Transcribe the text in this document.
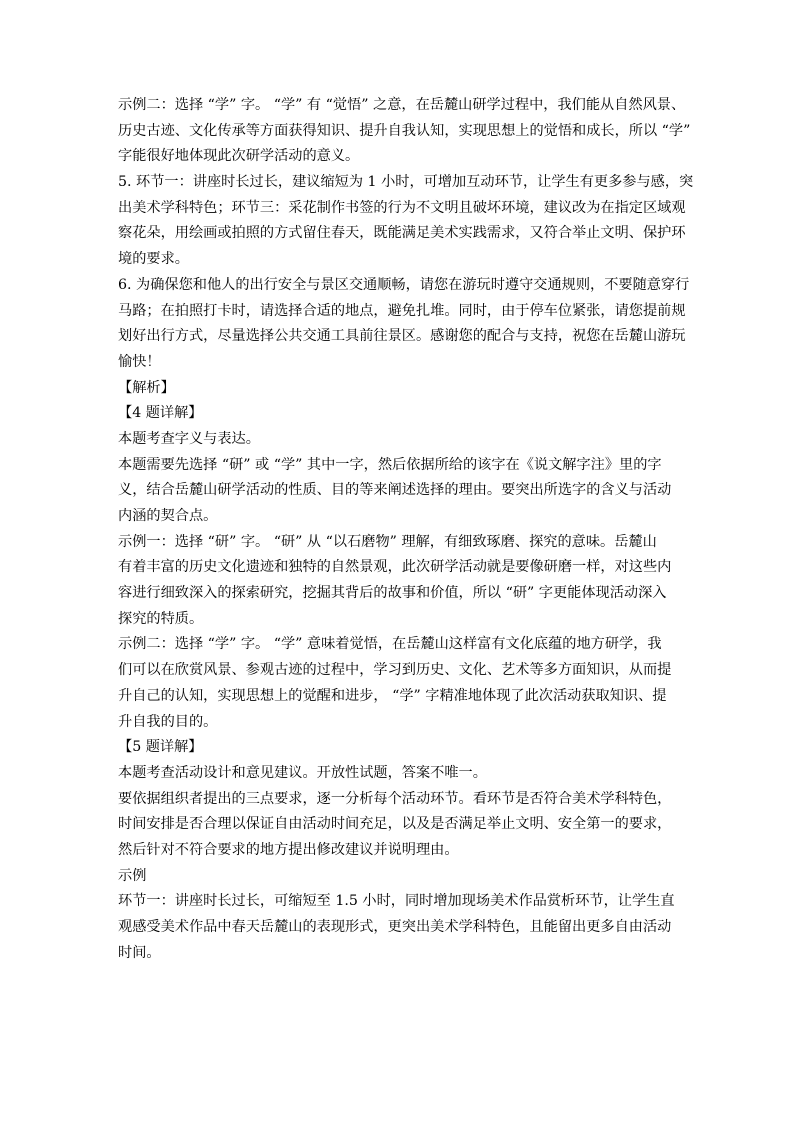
示例二：选择 “学” 字。 “学” 有 “觉悟” 之意，在岳麓山研学过程中，我们能从自然风景、
历史古迹、文化传承等方面获得知识、提升自我认知，实现思想上的觉悟和成长，所以 “学”
字能很好地体现此次研学活动的意义。
5. 环节一：讲座时长过长，建议缩短为 1 小时，可增加互动环节，让学生有更多参与感，突
出美术学科特色；环节三：采花制作书签的行为不文明且破坏环境，建议改为在指定区域观
察花朵，用绘画或拍照的方式留住春天，既能满足美术实践需求，又符合举止文明、保护环
境的要求。
6. 为确保您和他人的出行安全与景区交通顺畅，请您在游玩时遵守交通规则，不要随意穿行
马路；在拍照打卡时，请选择合适的地点，避免扎堆。同时，由于停车位紧张，请您提前规
划好出行方式，尽量选择公共交通工具前往景区。感谢您的配合与支持，祝您在岳麓山游玩
愉快！
【解析】
【4 题详解】
本题考查字义与表达。
本题需要先选择 “研” 或 “学” 其中一字，然后依据所给的该字在《说文解字注》里的字
义，结合岳麓山研学活动的性质、目的等来阐述选择的理由。要突出所选字的含义与活动
内涵的契合点。
示例一：选择 “研” 字。 “研” 从 “以石磨物” 理解，有细致琢磨、探究的意味。岳麓山
有着丰富的历史文化遗迹和独特的自然景观，此次研学活动就是要像研磨一样，对这些内
容进行细致深入的探索研究，挖掘其背后的故事和价值，所以 “研” 字更能体现活动深入
探究的特质。
示例二：选择 “学” 字。 “学” 意味着觉悟，在岳麓山这样富有文化底蕴的地方研学，我
们可以在欣赏风景、参观古迹的过程中，学习到历史、文化、艺术等多方面知识，从而提
升自己的认知，实现思想上的觉醒和进步， “学” 字精准地体现了此次活动获取知识、提
升自我的目的。
【5 题详解】
本题考查活动设计和意见建议。开放性试题，答案不唯一。
要依据组织者提出的三点要求，逐一分析每个活动环节。看环节是否符合美术学科特色，
时间安排是否合理以保证自由活动时间充足，以及是否满足举止文明、安全第一的要求，
然后针对不符合要求的地方提出修改建议并说明理由。
示例
环节一：讲座时长过长，可缩短至 1.5 小时，同时增加现场美术作品赏析环节，让学生直
观感受美术作品中春天岳麓山的表现形式，更突出美术学科特色，且能留出更多自由活动
时间。
